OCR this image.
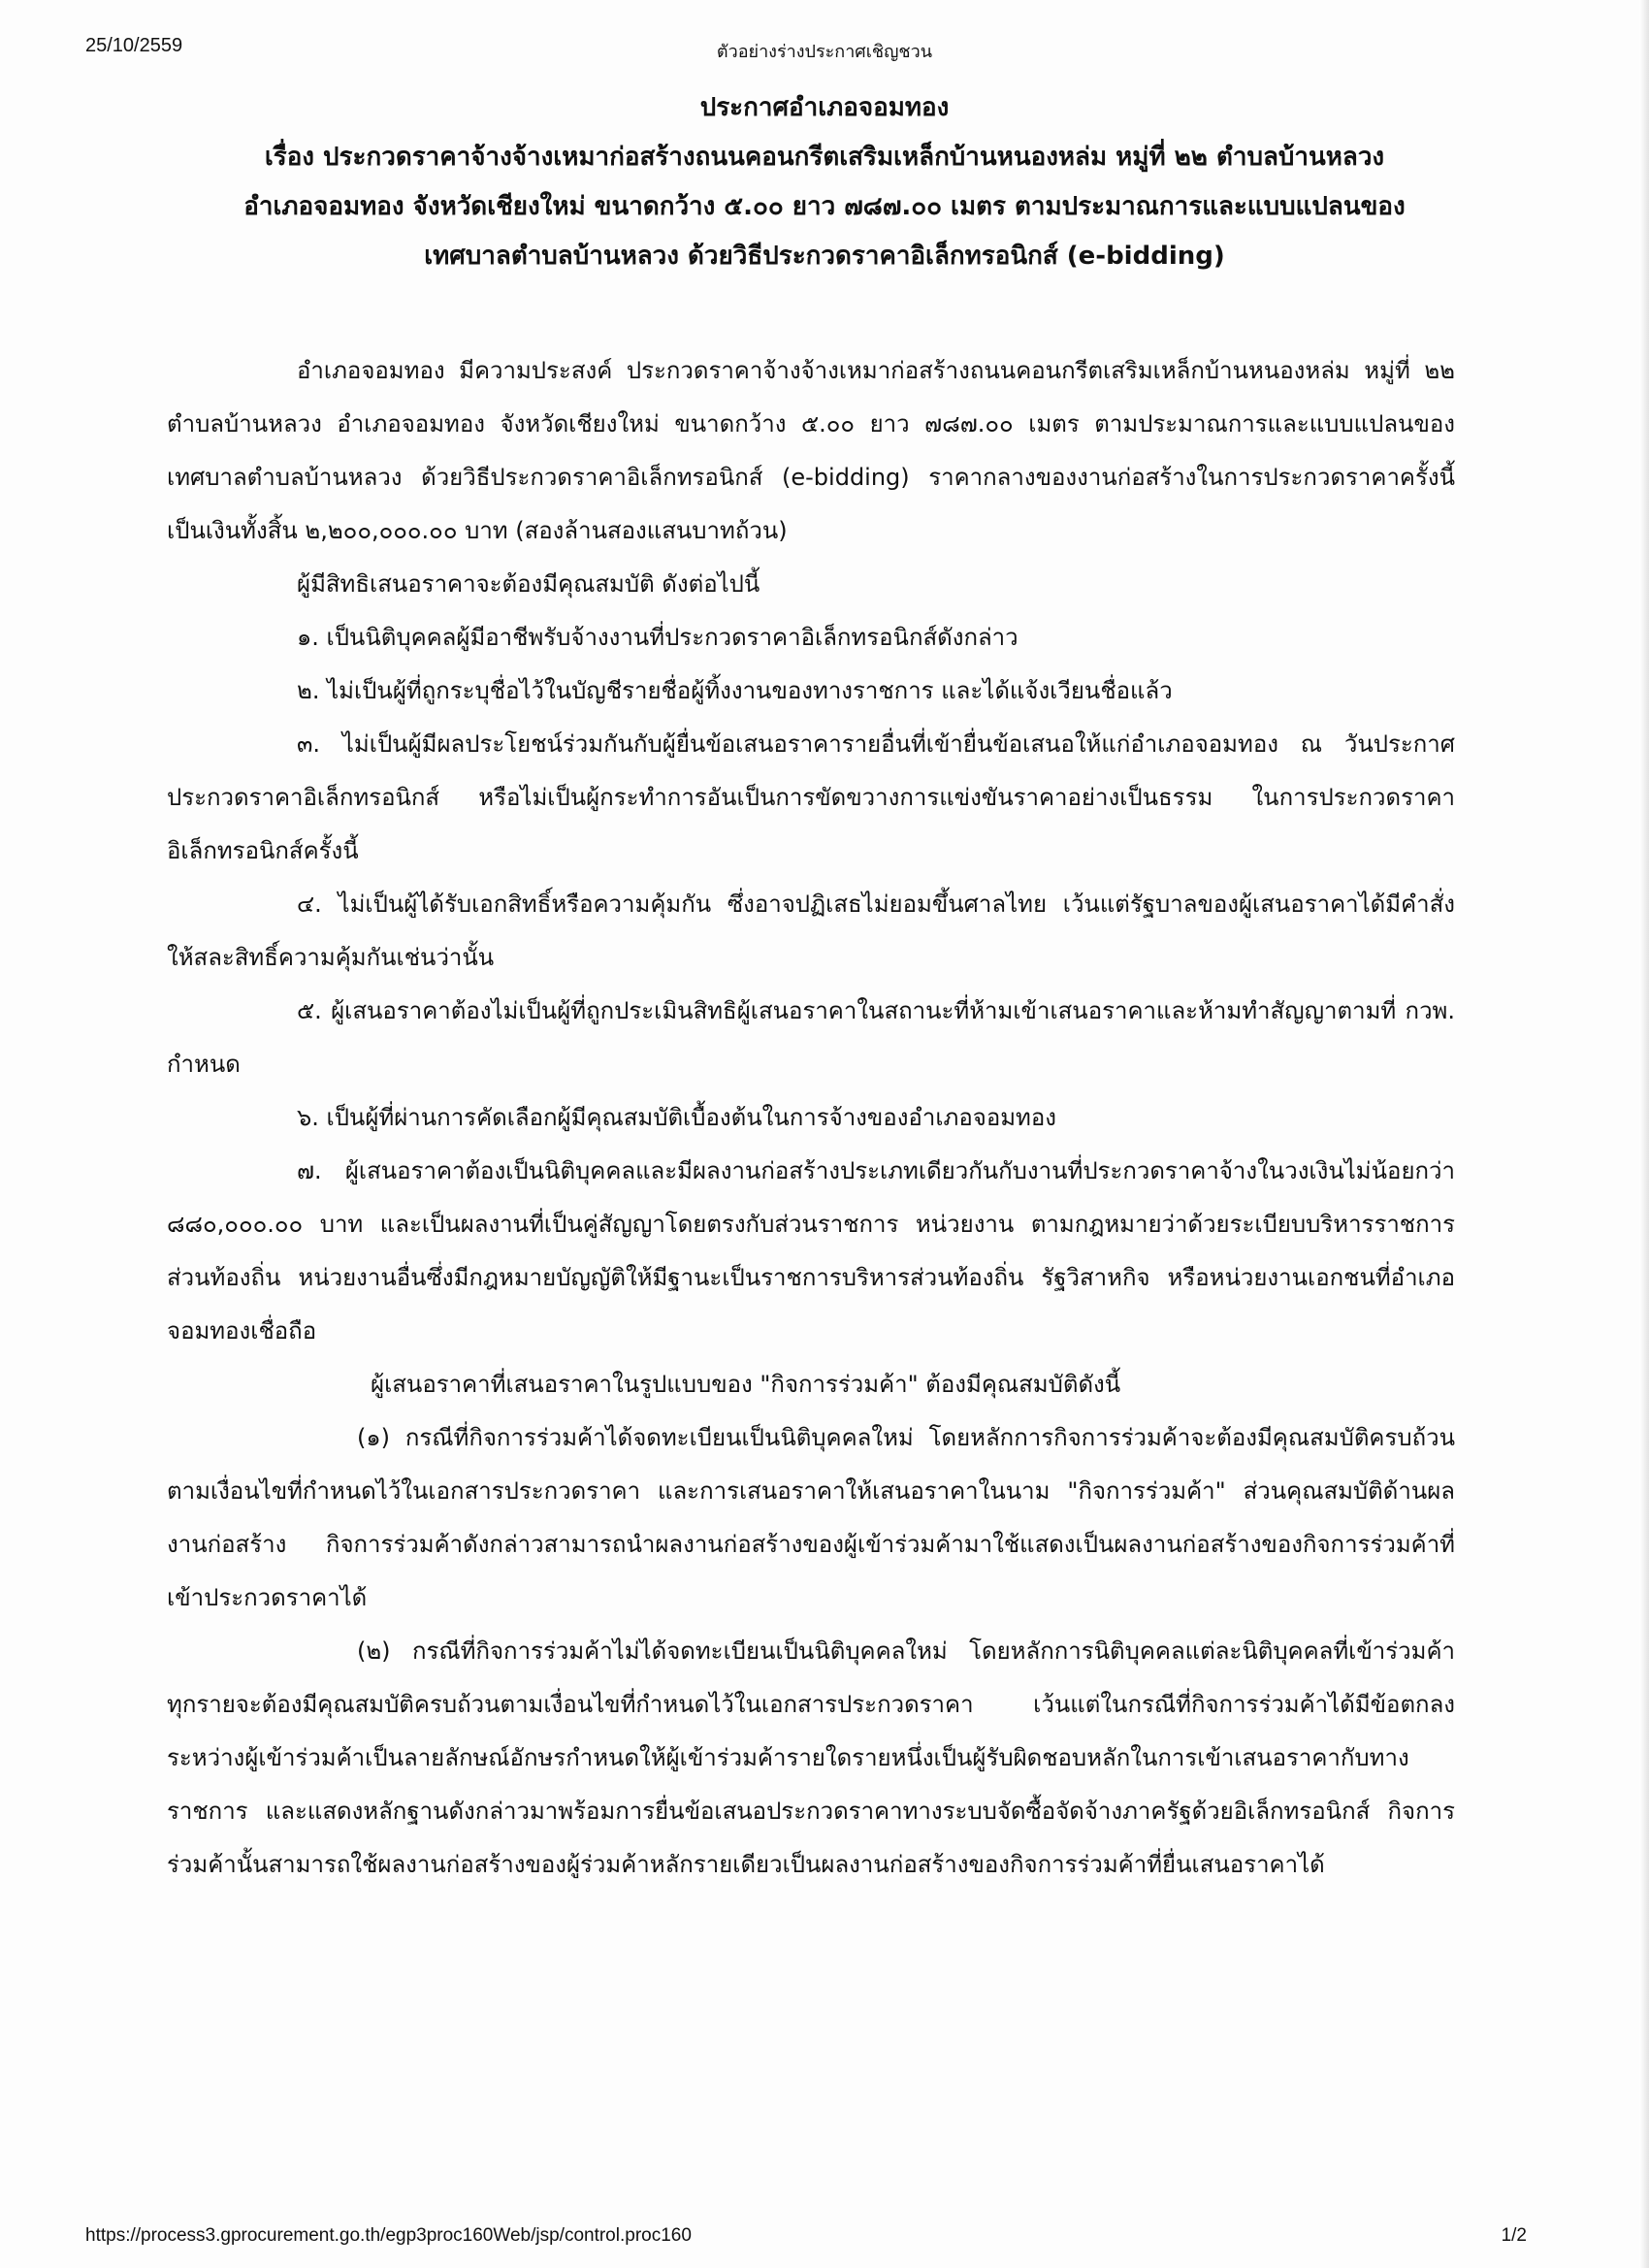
25/10/2559	ตัวอย่างร่างประกาศเชิญชวน
ประกาศอำเภอจอมทอง
เรื่อง ประกวดราคาจ้างจ้างเหมาก่อสร้างถนนคอนกรีตเสริมเหล็กบ้านหนองหล่ม หมู่ที่ ๒๒ ตำบลบ้านหลวง
อำเภอจอมทอง จังหวัดเชียงใหม่ ขนาดกว้าง ๕.๐๐ ยาว ๗๘๗.๐๐ เมตร ตามประมาณการและแบบแปลนของ
เทศบาลตำบลบ้านหลวง ด้วยวิธีประกวดราคาอิเล็กทรอนิกส์ (e-bidding)

อำเภอจอมทอง มีความประสงค์ ประกวดราคาจ้างจ้างเหมาก่อสร้างถนนคอนกรีตเสริมเหล็กบ้านหนองหล่ม หมู่ที่ ๒๒ ตำบลบ้านหลวง อำเภอจอมทอง จังหวัดเชียงใหม่ ขนาดกว้าง ๕.๐๐ ยาว ๗๘๗.๐๐ เมตร ตามประมาณการและแบบแปลนของเทศบาลตำบลบ้านหลวง ด้วยวิธีประกวดราคาอิเล็กทรอนิกส์ (e-bidding) ราคากลางของงานก่อสร้างในการประกวดราคาครั้งนี้เป็นเงินทั้งสิ้น ๒,๒๐๐,๐๐๐.๐๐ บาท (สองล้านสองแสนบาทถ้วน)

ผู้มีสิทธิเสนอราคาจะต้องมีคุณสมบัติ ดังต่อไปนี้

๑. เป็นนิติบุคคลผู้มีอาชีพรับจ้างงานที่ประกวดราคาอิเล็กทรอนิกส์ดังกล่าว

๒. ไม่เป็นผู้ที่ถูกระบุชื่อไว้ในบัญชีรายชื่อผู้ทิ้งงานของทางราชการ และได้แจ้งเวียนชื่อแล้ว

๓. ไม่เป็นผู้มีผลประโยชน์ร่วมกันกับผู้ยื่นข้อเสนอราคารายอื่นที่เข้ายื่นข้อเสนอให้แก่อำเภอจอมทอง ณ วันประกาศประกวดราคาอิเล็กทรอนิกส์ หรือไม่เป็นผู้กระทำการอันเป็นการขัดขวางการแข่งขันราคาอย่างเป็นธรรม ในการประกวดราคาอิเล็กทรอนิกส์ครั้งนี้

๔. ไม่เป็นผู้ได้รับเอกสิทธิ์หรือความคุ้มกัน ซึ่งอาจปฏิเสธไม่ยอมขึ้นศาลไทย เว้นแต่รัฐบาลของผู้เสนอราคาได้มีคำสั่งให้สละสิทธิ์ความคุ้มกันเช่นว่านั้น

๕. ผู้เสนอราคาต้องไม่เป็นผู้ที่ถูกประเมินสิทธิผู้เสนอราคาในสถานะที่ห้ามเข้าเสนอราคาและห้ามทำสัญญาตามที่ กวพ. กำหนด

๖. เป็นผู้ที่ผ่านการคัดเลือกผู้มีคุณสมบัติเบื้องต้นในการจ้างของอำเภอจอมทอง

๗. ผู้เสนอราคาต้องเป็นนิติบุคคลและมีผลงานก่อสร้างประเภทเดียวกันกับงานที่ประกวดราคาจ้างในวงเงินไม่น้อยกว่า ๘๘๐,๐๐๐.๐๐ บาท และเป็นผลงานที่เป็นคู่สัญญาโดยตรงกับส่วนราชการ หน่วยงาน ตามกฎหมายว่าด้วยระเบียบบริหารราชการส่วนท้องถิ่น หน่วยงานอื่นซึ่งมีกฎหมายบัญญัติให้มีฐานะเป็นราชการบริหารส่วนท้องถิ่น รัฐวิสาหกิจ หรือหน่วยงานเอกชนที่อำเภอจอมทองเชื่อถือ

ผู้เสนอราคาที่เสนอราคาในรูปแบบของ "กิจการร่วมค้า" ต้องมีคุณสมบัติดังนี้

(๑) กรณีที่กิจการร่วมค้าได้จดทะเบียนเป็นนิติบุคคลใหม่ โดยหลักการกิจการร่วมค้าจะต้องมีคุณสมบัติครบถ้วนตามเงื่อนไขที่กำหนดไว้ในเอกสารประกวดราคา และการเสนอราคาให้เสนอราคาในนาม "กิจการร่วมค้า" ส่วนคุณสมบัติด้านผลงานก่อสร้าง กิจการร่วมค้าดังกล่าวสามารถนำผลงานก่อสร้างของผู้เข้าร่วมค้ามาใช้แสดงเป็นผลงานก่อสร้างของกิจการร่วมค้าที่เข้าประกวดราคาได้

(๒) กรณีที่กิจการร่วมค้าไม่ได้จดทะเบียนเป็นนิติบุคคลใหม่ โดยหลักการนิติบุคคลแต่ละนิติบุคคลที่เข้าร่วมค้าทุกรายจะต้องมีคุณสมบัติครบถ้วนตามเงื่อนไขที่กำหนดไว้ในเอกสารประกวดราคา เว้นแต่ในกรณีที่กิจการร่วมค้าได้มีข้อตกลงระหว่างผู้เข้าร่วมค้าเป็นลายลักษณ์อักษรกำหนดให้ผู้เข้าร่วมค้ารายใดรายหนึ่งเป็นผู้รับผิดชอบหลักในการเข้าเสนอราคากับทางราชการ และแสดงหลักฐานดังกล่าวมาพร้อมการยื่นข้อเสนอประกวดราคาทางระบบจัดซื้อจัดจ้างภาครัฐด้วยอิเล็กทรอนิกส์ กิจการร่วมค้านั้นสามารถใช้ผลงานก่อสร้างของผู้ร่วมค้าหลักรายเดียวเป็นผลงานก่อสร้างของกิจการร่วมค้าที่ยื่นเสนอราคาได้

https://process3.gprocurement.go.th/egp3proc160Web/jsp/control.proc160	1/2
